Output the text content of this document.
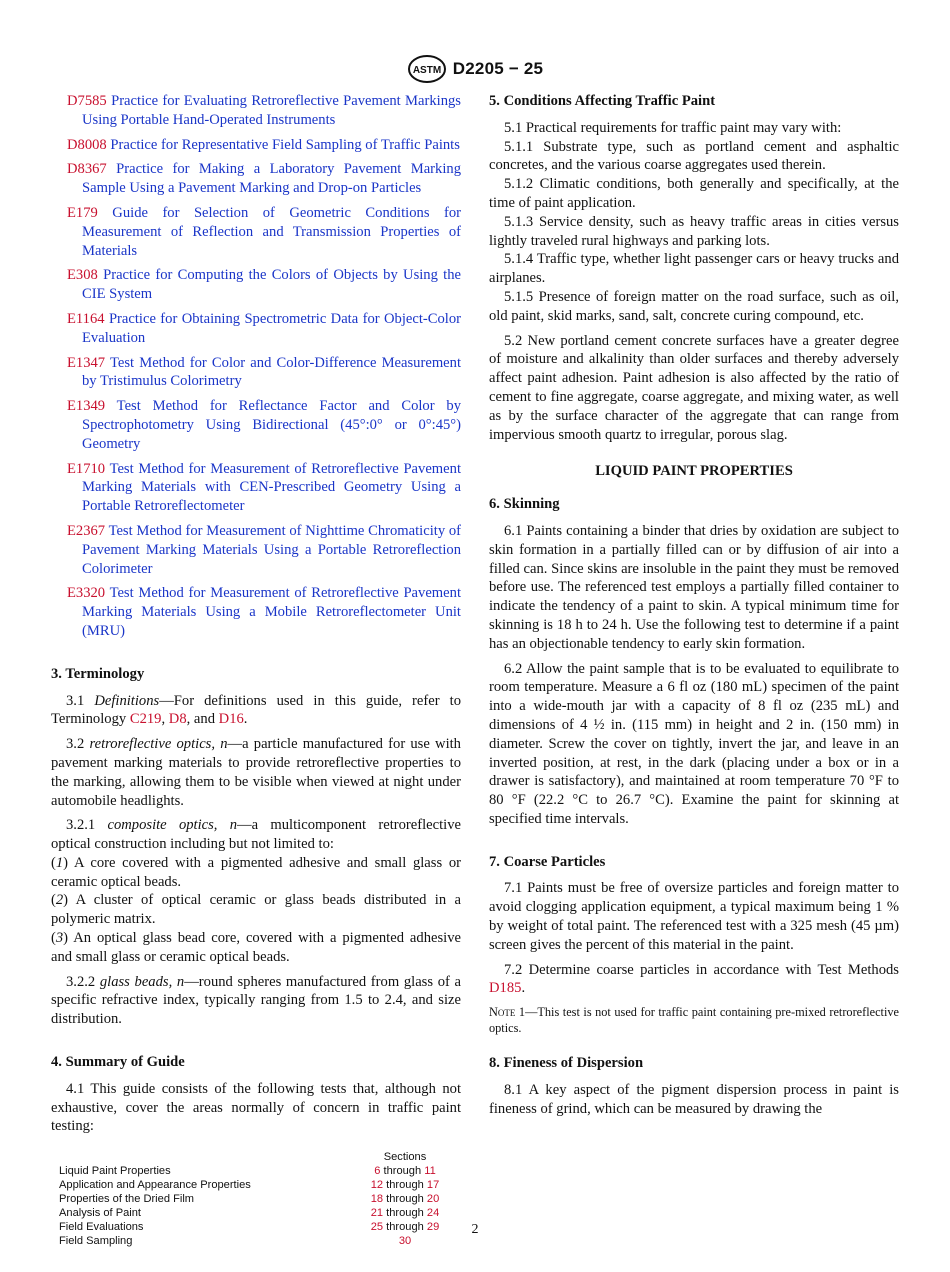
ASTM D2205 − 25

D7585 Practice for Evaluating Retroreflective Pavement Markings Using Portable Hand-Operated Instruments

D8008 Practice for Representative Field Sampling of Traffic Paints

D8367 Practice for Making a Laboratory Pavement Marking Sample Using a Pavement Marking and Drop-on Particles

E179 Guide for Selection of Geometric Conditions for Measurement of Reflection and Transmission Properties of Materials

E308 Practice for Computing the Colors of Objects by Using the CIE System

E1164 Practice for Obtaining Spectrometric Data for Object-Color Evaluation

E1347 Test Method for Color and Color-Difference Measurement by Tristimulus Colorimetry

E1349 Test Method for Reflectance Factor and Color by Spectrophotometry Using Bidirectional (45°:0° or 0°:45°) Geometry

E1710 Test Method for Measurement of Retroreflective Pavement Marking Materials with CEN-Prescribed Geometry Using a Portable Retroreflectometer

E2367 Test Method for Measurement of Nighttime Chromaticity of Pavement Marking Materials Using a Portable Retroreflection Colorimeter

E3320 Test Method for Measurement of Retroreflective Pavement Marking Materials Using a Mobile Retroreflectometer Unit (MRU)

3. Terminology

3.1 Definitions—For definitions used in this guide, refer to Terminology C219, D8, and D16.

3.2 retroreflective optics, n—a particle manufactured for use with pavement marking materials to provide retroreflective properties to the marking, allowing them to be visible when viewed at night under automobile headlights.

3.2.1 composite optics, n—a multicomponent retroreflective optical construction including but not limited to:

(1) A core covered with a pigmented adhesive and small glass or ceramic optical beads.

(2) A cluster of optical ceramic or glass beads distributed in a polymeric matrix.

(3) An optical glass bead core, covered with a pigmented adhesive and small glass or ceramic optical beads.

3.2.2 glass beads, n—round spheres manufactured from glass of a specific refractive index, typically ranging from 1.5 to 2.4, and size distribution.

4. Summary of Guide

4.1 This guide consists of the following tests that, although not exhaustive, cover the areas normally of concern in traffic paint testing:

	Sections
Liquid Paint Properties	6 through 11
Application and Appearance Properties	12 through 17
Properties of the Dried Film	18 through 20
Analysis of Paint	21 through 24
Field Evaluations	25 through 29
Field Sampling	30
5. Conditions Affecting Traffic Paint

5.1 Practical requirements for traffic paint may vary with:

5.1.1 Substrate type, such as portland cement and asphaltic concretes, and the various coarse aggregates used therein.

5.1.2 Climatic conditions, both generally and specifically, at the time of paint application.

5.1.3 Service density, such as heavy traffic areas in cities versus lightly traveled rural highways and parking lots.

5.1.4 Traffic type, whether light passenger cars or heavy trucks and airplanes.

5.1.5 Presence of foreign matter on the road surface, such as oil, old paint, skid marks, sand, salt, concrete curing compound, etc.

5.2 New portland cement concrete surfaces have a greater degree of moisture and alkalinity than older surfaces and thereby adversely affect paint adhesion. Paint adhesion is also affected by the ratio of cement to fine aggregate, coarse aggregate, and mixing water, as well as by the surface character of the aggregate that can range from impervious smooth quartz to irregular, porous slag.

LIQUID PAINT PROPERTIES
6. Skinning

6.1 Paints containing a binder that dries by oxidation are subject to skin formation in a partially filled can or by diffusion of air into a filled can. Since skins are insoluble in the paint they must be removed before use. The referenced test employs a partially filled container to indicate the tendency of a paint to skin. A typical minimum time for skinning is 18 h to 24 h. Use the following test to determine if a paint has an objectionable tendency to early skin formation.

6.2 Allow the paint sample that is to be evaluated to equilibrate to room temperature. Measure a 6 fl oz (180 mL) specimen of the paint into a wide-mouth jar with a capacity of 8 fl oz (235 mL) and dimensions of 4 ½ in. (115 mm) in height and 2 in. (150 mm) in diameter. Screw the cover on tightly, invert the jar, and leave in an inverted position, at rest, in the dark (placing under a box or in a drawer is satisfactory), and maintained at room temperature 70 °F to 80 °F (22.2 °C to 26.7 °C). Examine the paint for skinning at specified time intervals.

7. Coarse Particles

7.1 Paints must be free of oversize particles and foreign matter to avoid clogging application equipment, a typical maximum being 1 % by weight of total paint. The referenced test with a 325 mesh (45 µm) screen gives the percent of this material in the paint.

7.2 Determine coarse particles in accordance with Test Methods D185.

Note 1—This test is not used for traffic paint containing pre-mixed retroreflective optics.

8. Fineness of Dispersion

8.1 A key aspect of the pigment dispersion process in paint is fineness of grind, which can be measured by drawing the

2
